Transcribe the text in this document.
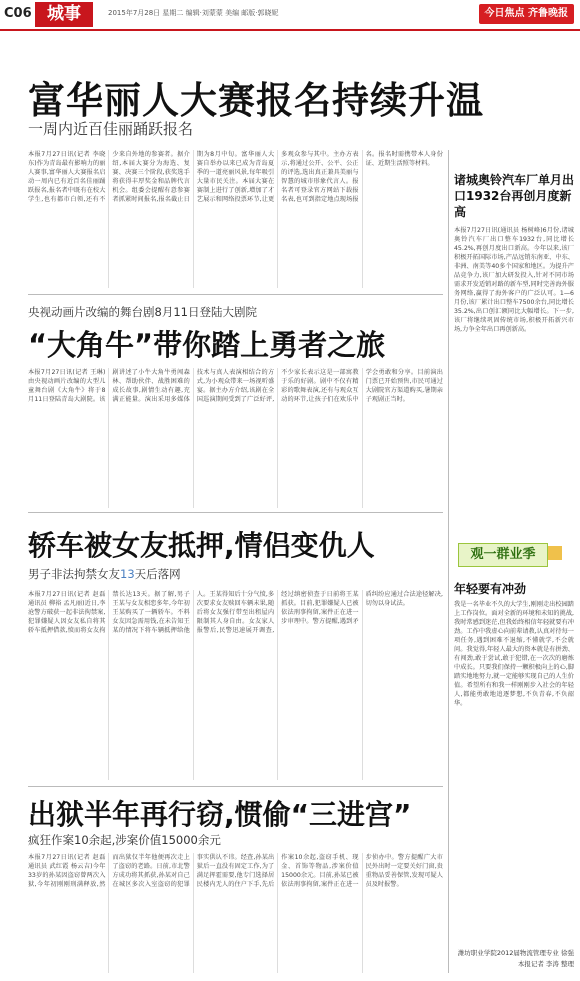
C06 城事	2015年7月28日 星期二 编辑·刘蒙蒙 美编 邮版·郭晓妮	今日焦点 齐鲁晚报
富华丽人大赛报名持续升温
一周内近百佳丽踊跃报名
本报7月27日讯(记者 李晓东)作为青岛最有影响力的丽人赛事,富华丽人大赛报名启动一周内已有近百名佳丽踊跃报名,报名者中既有在校大学生,也有都市白领,还有不少来自外地的参赛者。据介绍,本届大赛分为海选、复赛、决赛三个阶段,获奖选手将获得丰厚奖金和品牌代言机会。组委会提醒有意参赛者抓紧时间报名,报名截止日期为8月中旬。富华丽人大赛自举办以来已成为青岛夏季的一道亮丽风景,每年吸引大量市民关注。本届大赛在赛制上进行了创新,增加了才艺展示和网络投票环节,让更多观众参与其中。主办方表示,将通过公开、公平、公正的评选,选出真正兼具美丽与智慧的城市形象代言人。报名者可登录官方网站下载报名表,也可到指定地点现场报名。报名时需携带本人身份证、近期生活照等材料。
央视动画片改编的舞台剧8月11日登陆大剧院
“大角牛”带你踏上勇者之旅
本报7月27日讯(记者 王琳)由央视动画片改编的大型儿童舞台剧《大角牛》将于8月11日登陆青岛大剧院。该剧讲述了小牛大角牛勇闯森林、帮助伙伴、战胜困难的成长故事,剧情生动有趣,充满正能量。演出采用多媒体技术与真人表演相结合的方式,为小观众带来一场视听盛宴。据主办方介绍,该剧在全国巡演期间受到了广泛好评,不少家长表示这是一部寓教于乐的好剧。剧中不仅有精彩的歌舞表演,还有与观众互动的环节,让孩子们在欢乐中学会勇敢和分享。目前演出门票已开始预售,市民可通过大剧院官方渠道购买,暑期亲子观剧正当时。
轿车被女友抵押,情侣变仇人
男子非法拘禁女友13天后落网
本报7月27日讯(记者 赵磊 通讯员 柳裕 孟凡丽)近日,李沧警方破获一起非法拘禁案,犯罪嫌疑人因女友私自将其轿车抵押借款,愤而将女友拘禁长达13天。据了解,男子王某与女友相恋多年,今年初王某购买了一辆轿车。不料女友因急需用钱,在未告知王某的情况下将车辆抵押给他人。王某得知后十分气愤,多次要求女友赎回车辆未果,随后将女友强行带至出租屋内限制其人身自由。女友家人报警后,民警迅速展开调查,经过缜密侦查于日前将王某抓获。目前,犯罪嫌疑人已被依法刑事拘留,案件正在进一步审理中。警方提醒,遇到矛盾纠纷应通过合法途径解决,切勿以身试法。
出狱半年再行窃,惯偷“三进宫”
疯狂作案10余起,涉案价值15000余元
本报7月27日讯(记者 赵磊 通讯员 武红霞 杨云吉)今年33岁的孙某因盗窃曾两次入狱,今年初刚刚刑满释放,然而出狱仅半年他便再次走上了盗窃的老路。日前,市北警方成功将其抓获,孙某对自己在城区多次入室盗窃的犯罪事实供认不讳。经查,孙某出狱后一直没有固定工作,为了满足挥霍需要,他专门选择居民楼内无人的住户下手,先后作案10余起,盗窃手机、现金、首饰等物品,涉案价值15000余元。目前,孙某已被依法刑事拘留,案件正在进一步侦办中。警方提醒广大市民外出时一定要关好门窗,贵重物品妥善保管,发现可疑人员及时报警。
诸城奥铃汽车厂单月出口1932台再创月度新高
本报7月27日讯(通讯员 杨树峰)6月份,诸城奥铃汽车厂出口整车1932台,同比增长45.2%,再创月度出口新高。今年以来,该厂积极开拓国际市场,产品远销东南亚、中东、非洲、南美等40多个国家和地区。为提升产品竞争力,该厂加大研发投入,针对不同市场需求开发适销对路的新车型,同时完善海外服务网络,赢得了海外客户的广泛认可。1—6月份,该厂累计出口整车7500余台,同比增长35.2%,出口创汇额同比大幅增长。下一步,该厂将继续巩固传统市场,积极开拓新兴市场,力争全年出口再创新高。
观一群业季
年轻要有冲劲
我是一名毕业不久的大学生,刚刚走出校园踏上工作岗位。面对全新的环境和未知的挑战,我时常感到迷茫,但我始终相信年轻就要有冲劲。工作中我虚心向前辈请教,认真对待每一项任务,遇到困难不退缩,不懂就学,不会就问。我觉得,年轻人最大的资本就是有拼劲、有闯劲,敢于尝试,敢于犯错,在一次次的磨炼中成长。只要我们保持一颗积极向上的心,脚踏实地地努力,就一定能够实现自己的人生价值。希望所有和我一样刚刚步入社会的年轻人,都能勇敢地追逐梦想,不负青春,不负韶华。
潍坊职业学院2012届物流管理专业 徐强
本报记者 李涛 整理
